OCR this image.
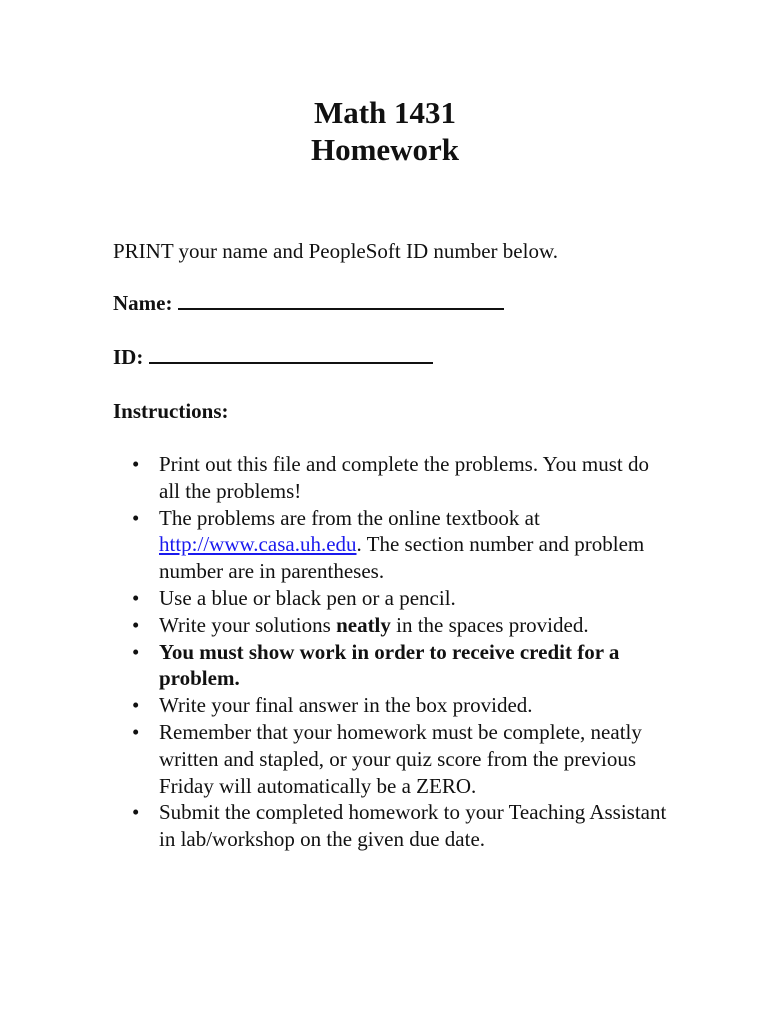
Math 1431
Homework
PRINT your name and PeopleSoft ID number below.
Name:
ID:
Instructions:
• Print out this file and complete the problems. You must do all the problems!
• The problems are from the online textbook at http://www.casa.uh.edu. The section number and problem number are in parentheses.
• Use a blue or black pen or a pencil.
• Write your solutions neatly in the spaces provided.
• You must show work in order to receive credit for a problem.
• Write your final answer in the box provided.
• Remember that your homework must be complete, neatly written and stapled, or your quiz score from the previous Friday will automatically be a ZERO.
• Submit the completed homework to your Teaching Assistant in lab/workshop on the given due date.
